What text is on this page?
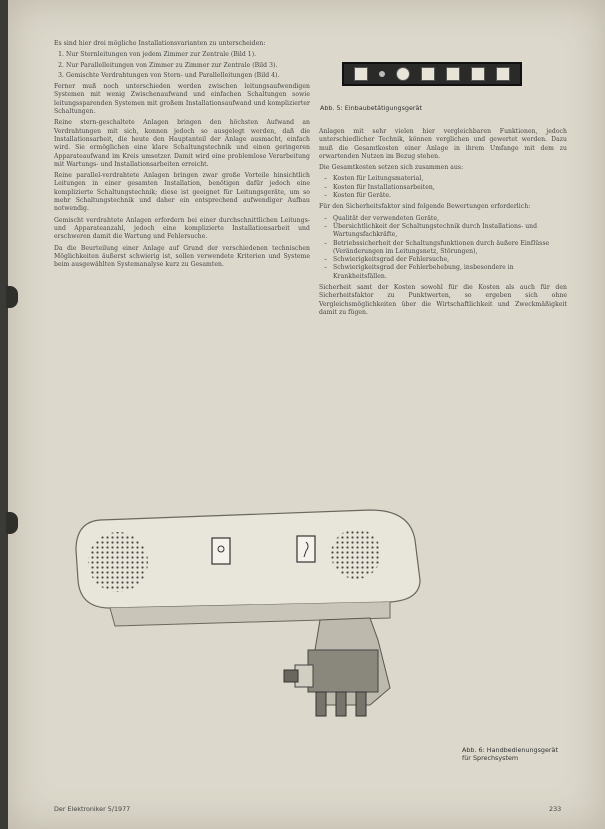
Es sind hier drei mögliche Installationsvarianten zu unterscheiden:

1. Nur Sternleitungen von jedem Zimmer zur Zentrale (Bild 1).
2. Nur Parallelleitungen von Zimmer zu Zimmer zur Zentrale (Bild 3).
3. Gemischte Verdrahtungen von Stern- und Parallelleitungen (Bild 4).

Ferner muß noch unterschieden werden zwischen leitungsaufwendigen Systemen mit wenig Zwischenaufwand und einfachen Schaltungen sowie leitungssparenden Systemen mit großem Installationsaufwand und komplizierter Schaltungen.

Reine stern-geschaltete Anlagen bringen den höchsten Aufwand an Verdrahtungen mit sich, konnen jedoch so ausgelegt werden, daß die Installationsarbeit, die heute den Hauptanteil der Anlage ausmacht, einfach wird. Sie ermöglichen eine klare Schaltungstechnik und einen geringeren Apparateaufwand im Kreis umsetzer. Damit wird eine problemlose Verarbeitung mit Wartungs- und Installationsarbeiten erreicht.

Reine parallel-verdrahtete Anlagen bringen zwar große Vorteile hinsichtlich Leitungen in einer gesamten Installation, benötigen dafür jedoch eine komplizierte Schaltungstechnik; diese ist geeignet für Leitungsgeräte, um so mehr Schaltungstechnik und daher ein entsprechend aufwendiger Aufbau notwendig.

Gemischt verdrahtete Anlagen erfordern bei einer durchschnittlichen Leitungs- und Apparateanzahl, jedoch eine komplizierte Installationsarbeit und erschweren damit die Wartung und Fehlersuche.

Da die Beurteilung einer Anlage auf Grund der verschiedenen technischen Möglichkeiten äußerst schwierig ist, sollen verwendete Kriterien und Systeme beim ausgewählten Systemanalyse kurz zu Gesamten.

Abb. 5: Einbaubetätigungsgerät

Anlagen mit sehr vielen hier vergleichbaren Funktionen, jedoch unterschiedlicher Technik, können verglichen und gewertet werden. Dazu muß die Gesamtkosten einer Anlage in ihrem Umfange mit dem zu erwartenden Nutzen im Bezug stehen.

Die Gesamtkosten setzen sich zusammen aus:

– Kosten für Leitungsmaterial,
– Kosten für Installationsarbeiten,
– Kosten für Geräte.

Für den Sicherheitsfaktor sind folgende Bewertungen erforderlich:

– Qualität der verwendeten Geräte,
– Übersichtlichkeit der Schaltungstechnik durch Installations- und Wartungsfachkräfte,
– Betriebssicherheit der Schaltungsfunktionen durch äußere Einflüsse (Veränderungen im Leitungsnetz, Störungen),
– Schwierigkeitsgrad der Fehlersuche,
– Schwierigkeitsgrad der Fehlerbehebung, insbesondere in Krankheitsfällen.

Sicherheit samt der Kosten sowohl für die Kosten als auch für den Sicherheitsfaktor zu Punktwerten, so ergeben sich ohne Vergleichsmöglichkeiten über die Wirtschaftlichkeit und Zweckmäßigkeit damit zu fügen.

Abb. 6: Handbedienungsgerät
für Sprechsystem
Der Elektroniker 5/1977	233
